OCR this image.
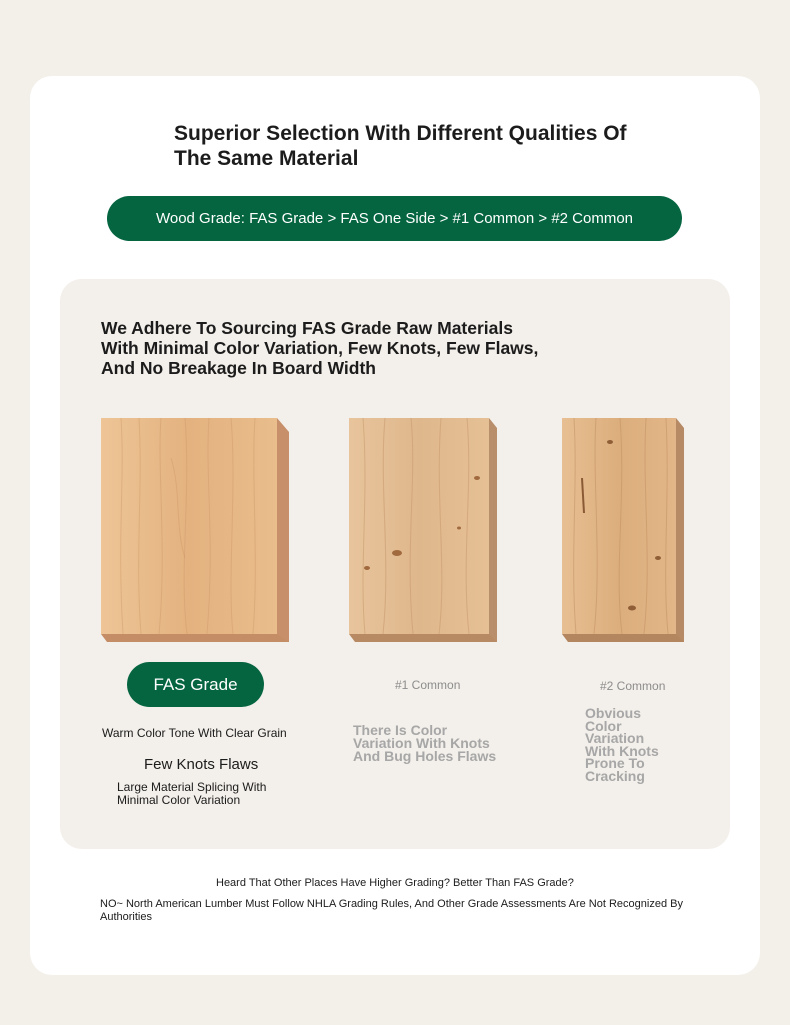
Superior Selection With Different Qualities Of The Same Material
Wood Grade: FAS Grade > FAS One Side > #1 Common > #2 Common
We Adhere To Sourcing FAS Grade Raw Materials With Minimal Color Variation, Few Knots, Few Flaws, And No Breakage In Board Width
FAS Grade	#1 Common	#2 Common
Warm Color Tone With Clear Grain
Few Knots Flaws
Large Material Splicing With Minimal Color Variation
There Is Color Variation With Knots And Bug Holes Flaws
Obvious Color Variation With Knots Prone To Cracking
Heard That Other Places Have Higher Grading? Better Than FAS Grade?
NO~ North American Lumber Must Follow NHLA Grading Rules, And Other Grade Assessments Are Not Recognized By Authorities
